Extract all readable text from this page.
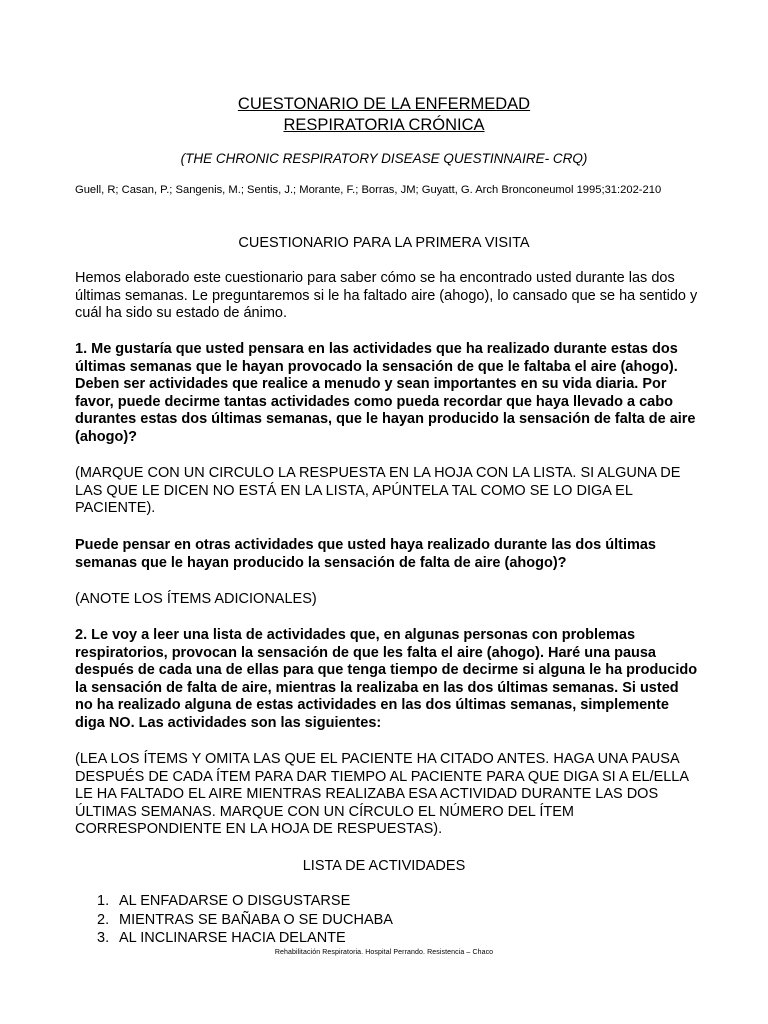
CUESTONARIO DE LA ENFERMEDAD
RESPIRATORIA CRÓNICA
(THE CHRONIC RESPIRATORY DISEASE QUESTINNAIRE- CRQ)
Guell, R; Casan, P.; Sangenis, M.; Sentis, J.; Morante, F.; Borras, JM; Guyatt, G. Arch Bronconeumol 1995;31:202-210
CUESTIONARIO PARA LA PRIMERA VISITA
Hemos elaborado este cuestionario para saber cómo se ha encontrado usted durante las dos últimas semanas. Le preguntaremos si le ha faltado aire (ahogo), lo cansado que se ha sentido y cuál ha sido su estado de ánimo.
1. Me gustaría que usted pensara en las actividades que ha realizado durante estas dos últimas semanas que le hayan provocado la sensación de que le faltaba el aire (ahogo). Deben ser actividades que realice a menudo y sean importantes en su vida diaria. Por favor, puede decirme tantas actividades como pueda recordar que haya llevado a cabo durantes estas dos últimas semanas, que le hayan producido la sensación de falta de aire (ahogo)?
(MARQUE CON UN CIRCULO LA RESPUESTA EN LA HOJA CON LA LISTA. SI ALGUNA DE LAS QUE LE DICEN NO ESTÁ EN LA LISTA, APÚNTELA TAL COMO SE LO DIGA EL PACIENTE).
Puede pensar en otras actividades que usted haya realizado durante las dos últimas semanas que le hayan producido la sensación de falta de aire (ahogo)?
(ANOTE LOS ÍTEMS ADICIONALES)
2. Le voy a leer una lista de actividades que, en algunas personas con problemas respiratorios, provocan la sensación de que les falta el aire (ahogo). Haré una pausa después de cada una de ellas para que tenga tiempo de decirme si alguna le ha producido la sensación de falta de aire, mientras la realizaba en las dos últimas semanas. Si usted no ha realizado alguna de estas actividades en las dos últimas semanas, simplemente diga NO. Las actividades son las siguientes:
(LEA LOS ÍTEMS Y OMITA LAS QUE EL PACIENTE HA CITADO ANTES. HAGA UNA PAUSA DESPUÉS DE CADA ÍTEM PARA DAR TIEMPO AL PACIENTE PARA QUE DIGA SI A EL/ELLA LE HA FALTADO EL AIRE MIENTRAS REALIZABA ESA ACTIVIDAD DURANTE LAS DOS ÚLTIMAS SEMANAS. MARQUE CON UN CÍRCULO EL NÚMERO DEL ÍTEM CORRESPONDIENTE EN LA HOJA DE RESPUESTAS).
LISTA DE ACTIVIDADES
1. AL ENFADARSE O DISGUSTARSE
2. MIENTRAS SE BAÑABA O SE DUCHABA
3. AL INCLINARSE HACIA DELANTE
Rehabilitación Respiratoria. Hospital Perrando. Resistencia – Chaco
